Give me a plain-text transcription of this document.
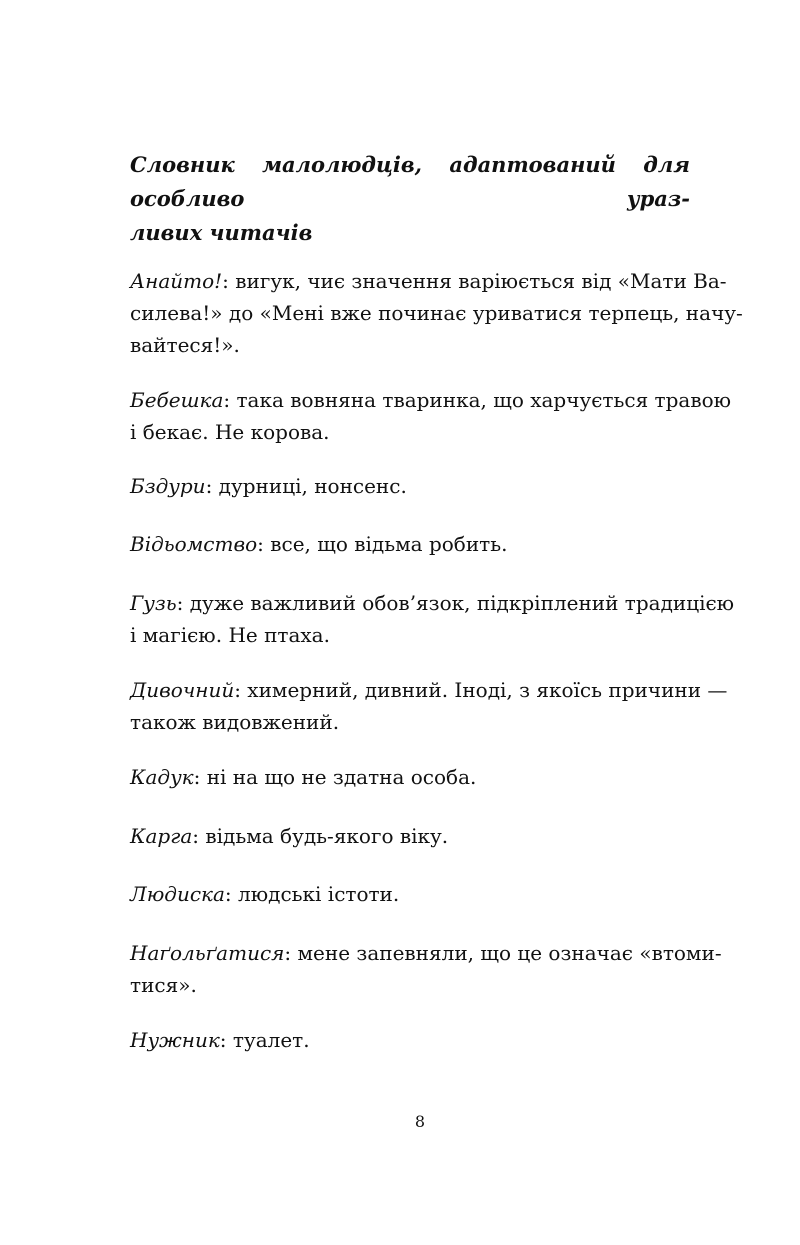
Словник малолюдців, адаптований для особливо ураз-
ливих читачів
Анайто!: вигук, чиє значення варіюється від «Мати Ва-
силева!» до «Мені вже починає уриватися терпець, начу-
вайтеся!».
Бебешка: така вовняна тваринка, що харчується травою
і бекає. Не корова.
Бздури: дурниці, нонсенс.
Відьомство: все, що відьма робить.
Гузь: дуже важливий обов’язок, підкріплений традицією
і магією. Не птаха.
Дивочний: химерний, дивний. Іноді, з якоїсь причини —
також видовжений.
Кадук: ні на що не здатна особа.
Карга: відьма будь-якого віку.
Людиска: людські істоти.
Наґольґатися: мене запевняли, що це означає «втоми-
тися».
Нужник: туалет.
8
